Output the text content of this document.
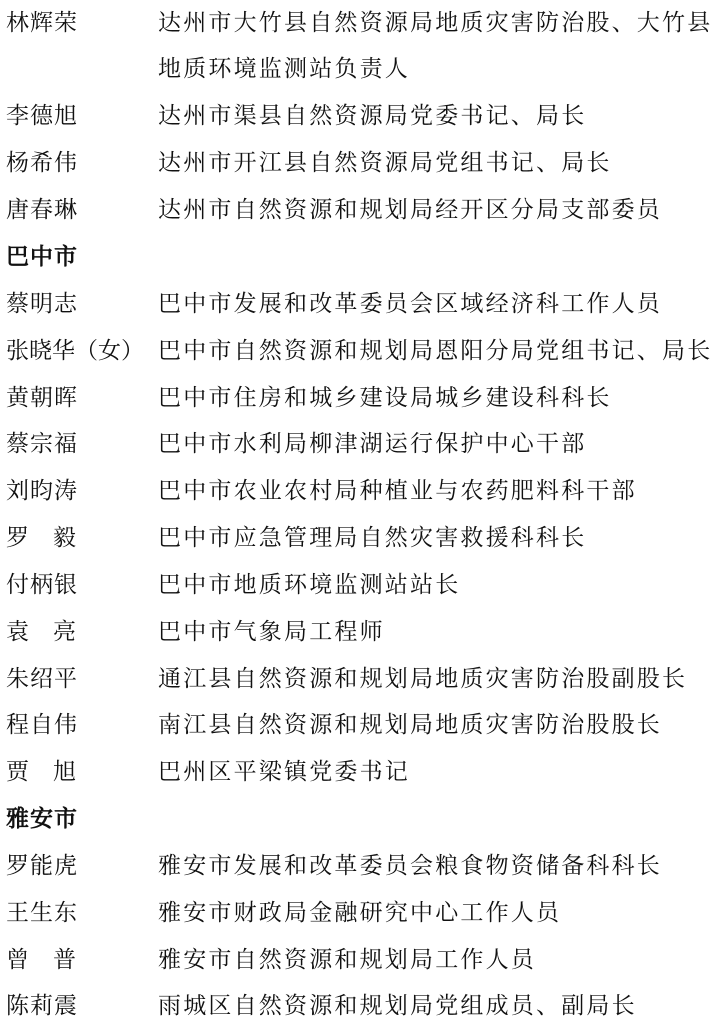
林辉荣	达州市大竹县自然资源局地质灾害防治股、大竹县
地质环境监测站负责人
李德旭	达州市渠县自然资源局党委书记、局长
杨希伟	达州市开江县自然资源局党组书记、局长
唐春琳	达州市自然资源和规划局经开区分局支部委员
巴中市
蔡明志	巴中市发展和改革委员会区域经济科工作人员
张晓华（女） 巴中市自然资源和规划局恩阳分局党组书记、局长
黄朝晖	巴中市住房和城乡建设局城乡建设科科长
蔡宗福	巴中市水利局柳津湖运行保护中心干部
刘昀涛	巴中市农业农村局种植业与农药肥料科干部
罗毅	巴中市应急管理局自然灾害救援科科长
付柄银	巴中市地质环境监测站站长
袁亮	巴中市气象局工程师
朱绍平	通江县自然资源和规划局地质灾害防治股副股长
程自伟	南江县自然资源和规划局地质灾害防治股股长
贾旭	巴州区平梁镇党委书记
雅安市
罗能虎	雅安市发展和改革委员会粮食物资储备科科长
王生东	雅安市财政局金融研究中心工作人员
曾普	雅安市自然资源和规划局工作人员
陈莉震	雨城区自然资源和规划局党组成员、副局长
